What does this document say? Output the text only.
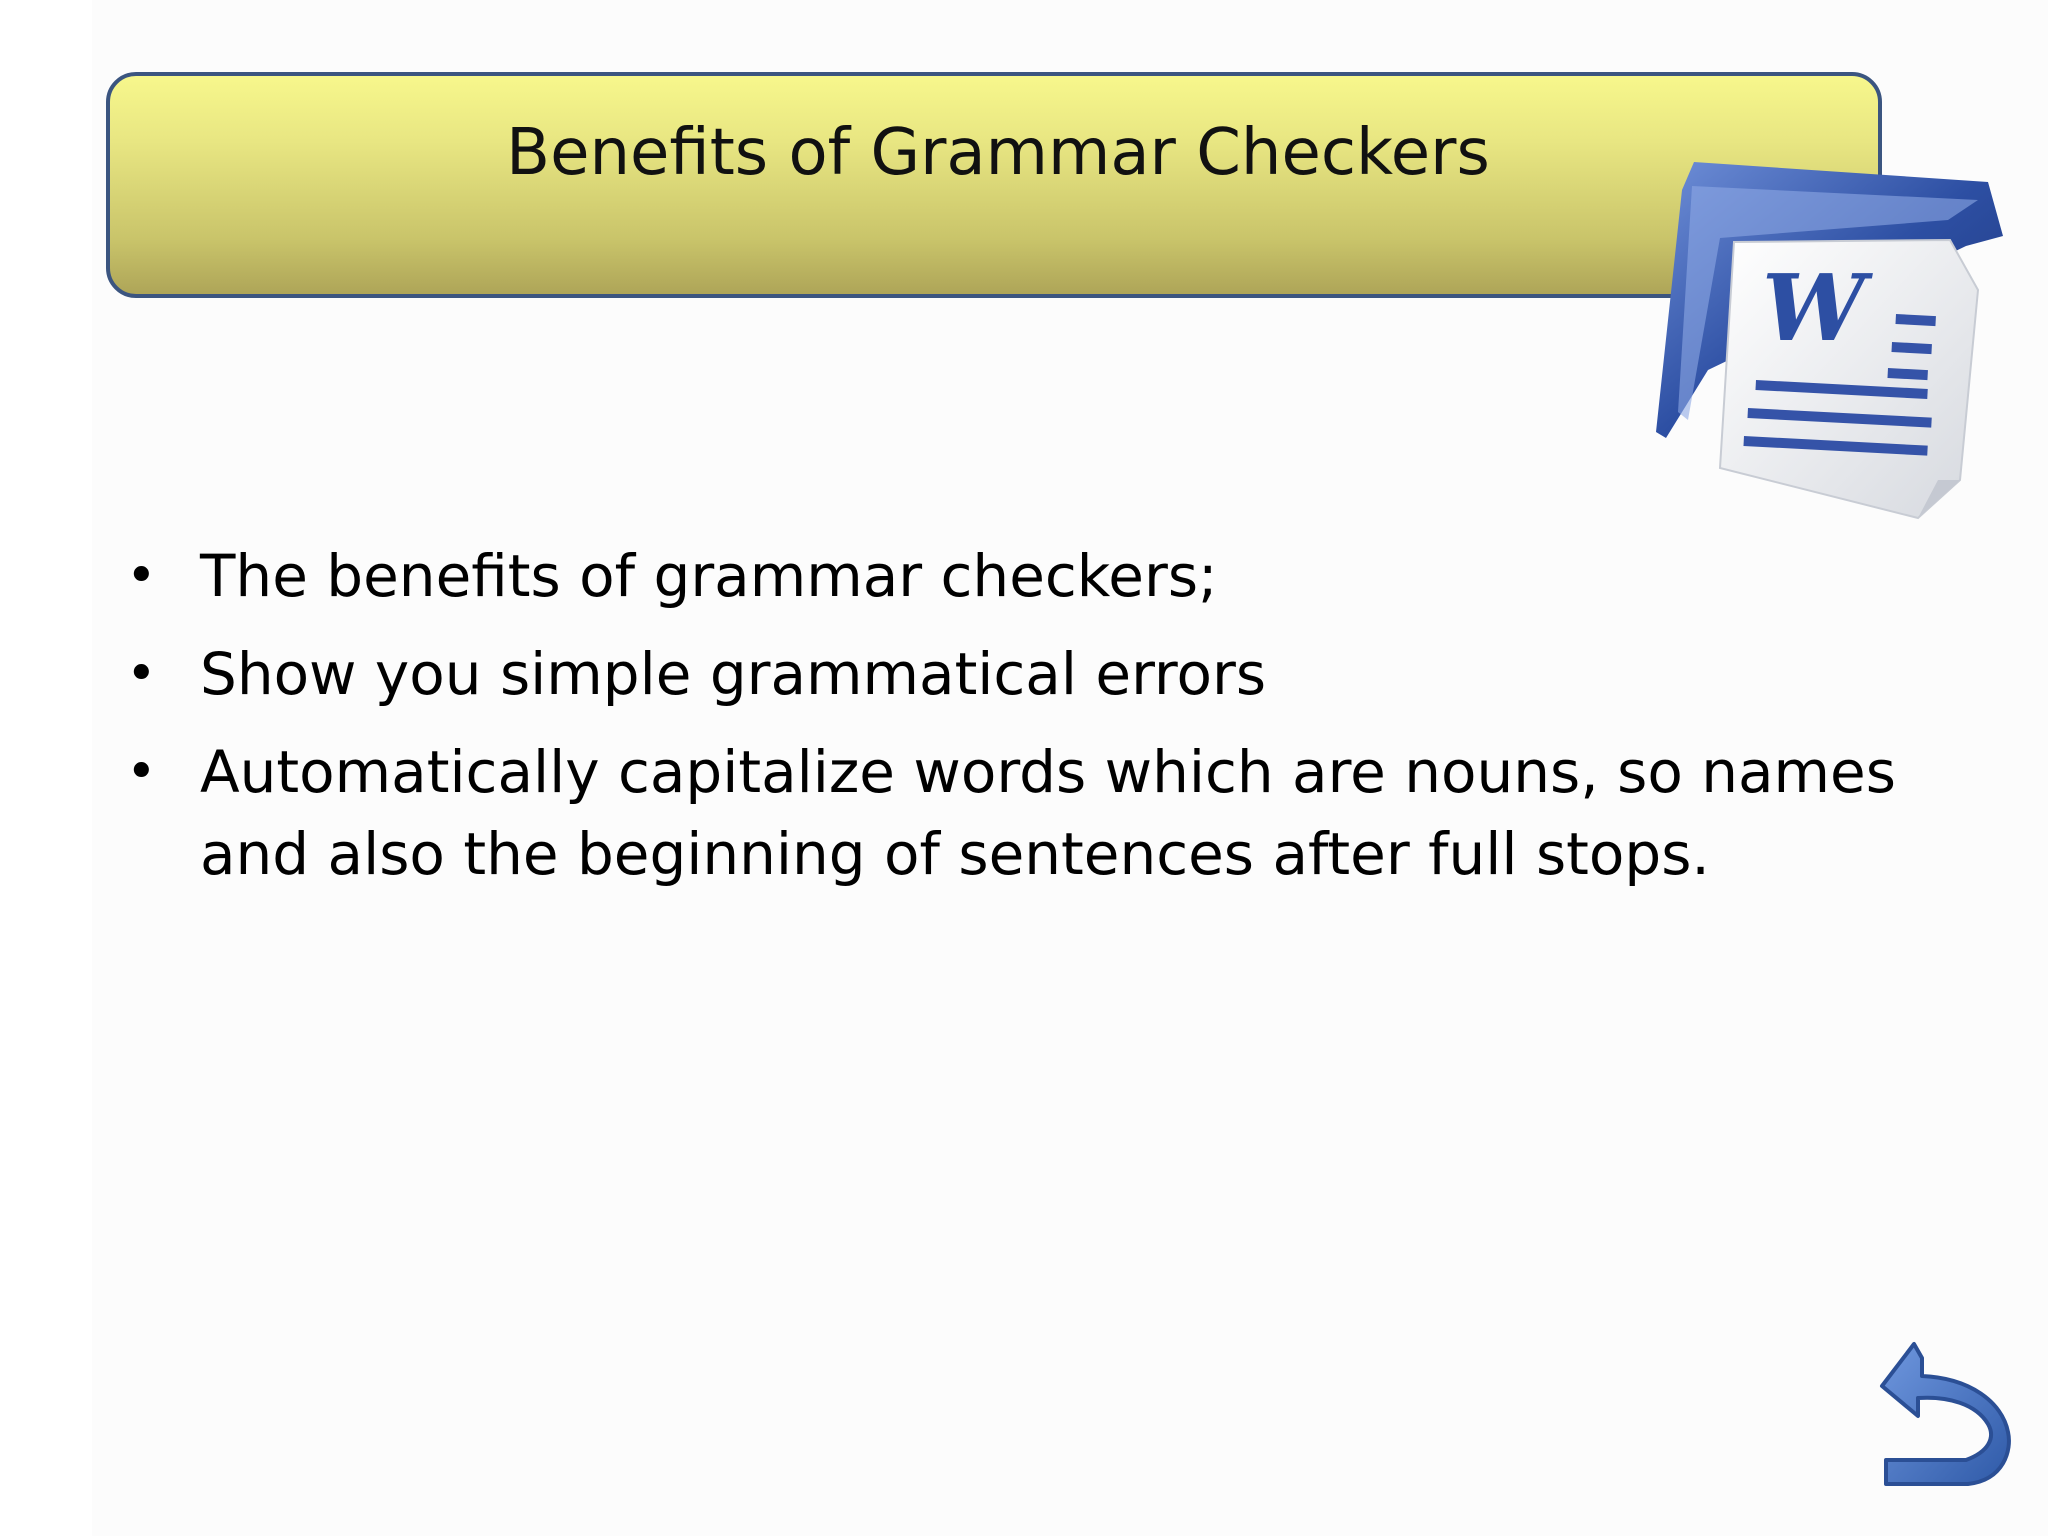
Benefits of Grammar Checkers
W
• The benefits of grammar checkers;
• Show you simple grammatical errors
• Automatically capitalize words which are nouns, so names and also the beginning of sentences after full stops.
